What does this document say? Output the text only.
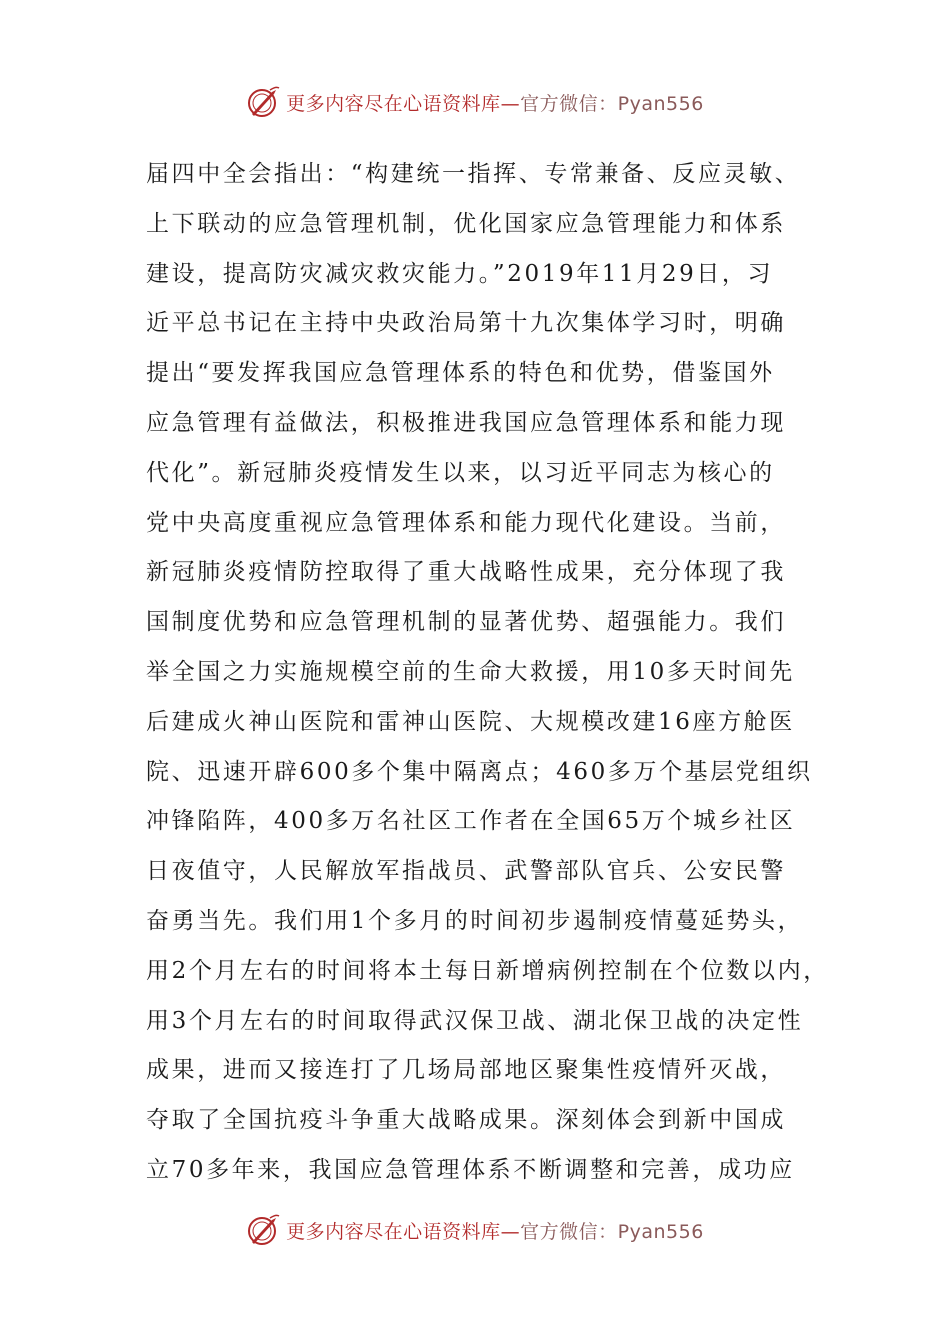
更多内容尽在心语资料库—官方微信：Pyan556
届四中全会指出：“构建统一指挥、专常兼备、反应灵敏、
上下联动的应急管理机制，优化国家应急管理能力和体系
建设，提高防灾减灾救灾能力。”2019年11月29日，习
近平总书记在主持中央政治局第十九次集体学习时，明确
提出“要发挥我国应急管理体系的特色和优势，借鉴国外
应急管理有益做法，积极推进我国应急管理体系和能力现
代化”。新冠肺炎疫情发生以来，以习近平同志为核心的
党中央高度重视应急管理体系和能力现代化建设。当前，
新冠肺炎疫情防控取得了重大战略性成果，充分体现了我
国制度优势和应急管理机制的显著优势、超强能力。我们
举全国之力实施规模空前的生命大救援，用10多天时间先
后建成火神山医院和雷神山医院、大规模改建16座方舱医
院、迅速开辟600多个集中隔离点；460多万个基层党组织
冲锋陷阵，400多万名社区工作者在全国65万个城乡社区
日夜值守，人民解放军指战员、武警部队官兵、公安民警
奋勇当先。我们用1个多月的时间初步遏制疫情蔓延势头，
用2个月左右的时间将本土每日新增病例控制在个位数以内，
用3个月左右的时间取得武汉保卫战、湖北保卫战的决定性
成果，进而又接连打了几场局部地区聚集性疫情歼灭战，
夺取了全国抗疫斗争重大战略成果。深刻体会到新中国成
立70多年来，我国应急管理体系不断调整和完善，成功应
更多内容尽在心语资料库—官方微信：Pyan556
